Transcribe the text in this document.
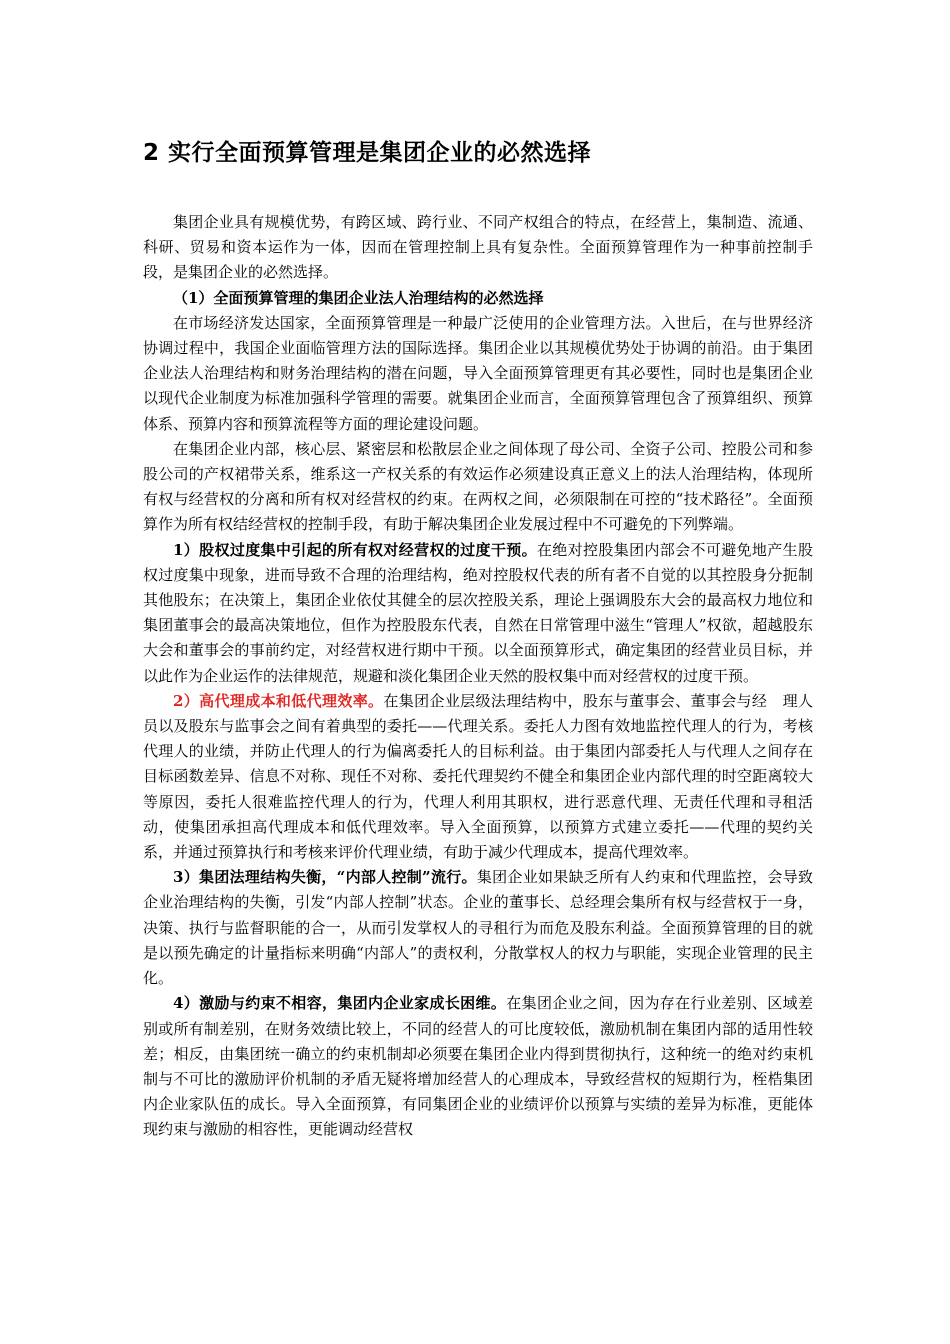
2 实行全面预算管理是集团企业的必然选择

集团企业具有规模优势，有跨区域、跨行业、不同产权组合的特点，在经营上，集制造、流通、科研、贸易和资本运作为一体，因而在管理控制上具有复杂性。全面预算管理作为一种事前控制手段，是集团企业的必然选择。

（1）全面预算管理的集团企业法人治理结构的必然选择

在市场经济发达国家，全面预算管理是一种最广泛使用的企业管理方法。入世后，在与世界经济协调过程中，我国企业面临管理方法的国际选择。集团企业以其规模优势处于协调的前沿。由于集团企业法人治理结构和财务治理结构的潜在问题，导入全面预算管理更有其必要性，同时也是集团企业以现代企业制度为标准加强科学管理的需要。就集团企业而言，全面预算管理包含了预算组织、预算体系、预算内容和预算流程等方面的理论建设问题。

在集团企业内部，核心层、紧密层和松散层企业之间体现了母公司、全资子公司、控股公司和参股公司的产权裙带关系，维系这一产权关系的有效运作必须建设真正意义上的法人治理结构，体现所有权与经营权的分离和所有权对经营权的约束。在两权之间，必须限制在可控的“技术路径”。全面预算作为所有权结经营权的控制手段，有助于解决集团企业发展过程中不可避免的下列弊端。

1）股权过度集中引起的所有权对经营权的过度干预。在绝对控股集团内部会不可避免地产生股权过度集中现象，进而导致不合理的治理结构，绝对控股权代表的所有者不自觉的以其控股身分扼制其他股东；在决策上，集团企业依仗其健全的层次控股关系，理论上强调股东大会的最高权力地位和集团董事会的最高决策地位，但作为控股股东代表，自然在日常管理中滋生“管理人”权欲，超越股东大会和董事会的事前约定，对经营权进行期中干预。以全面预算形式，确定集团的经营业员目标，并以此作为企业运作的法律规范，规避和淡化集团企业天然的股权集中而对经营权的过度干预。

2）高代理成本和低代理效率。在集团企业层级法理结构中，股东与董事会、董事会与经　理人员以及股东与监事会之间有着典型的委托——代理关系。委托人力图有效地监控代理人的行为，考核代理人的业绩，并防止代理人的行为偏离委托人的目标利益。由于集团内部委托人与代理人之间存在目标函数差异、信息不对称、现任不对称、委托代理契约不健全和集团企业内部代理的时空距离较大等原因，委托人很难监控代理人的行为，代理人利用其职权，进行恶意代理、无责任代理和寻租活动，使集团承担高代理成本和低代理效率。导入全面预算，以预算方式建立委托——代理的契约关系，并通过预算执行和考核来评价代理业绩，有助于减少代理成本，提高代理效率。

3）集团法理结构失衡，“内部人控制”流行。集团企业如果缺乏所有人约束和代理监控，会导致企业治理结构的失衡，引发“内部人控制”状态。企业的董事长、总经理会集所有权与经营权于一身，决策、执行与监督职能的合一，从而引发掌权人的寻租行为而危及股东利益。全面预算管理的目的就是以预先确定的计量指标来明确“内部人”的责权利，分散掌权人的权力与职能，实现企业管理的民主化。

4）激励与约束不相容，集团内企业家成长困维。在集团企业之间，因为存在行业差别、区域差别或所有制差别，在财务效绩比较上，不同的经营人的可比度较低，激励机制在集团内部的适用性较差；相反，由集团统一确立的约束机制却必须要在集团企业内得到贯彻执行，这种统一的绝对约束机制与不可比的激励评价机制的矛盾无疑将增加经营人的心理成本，导致经营权的短期行为，桎梏集团内企业家队伍的成长。导入全面预算，有同集团企业的业绩评价以预算与实绩的差异为标准，更能体现约束与激励的相容性，更能调动经营权
